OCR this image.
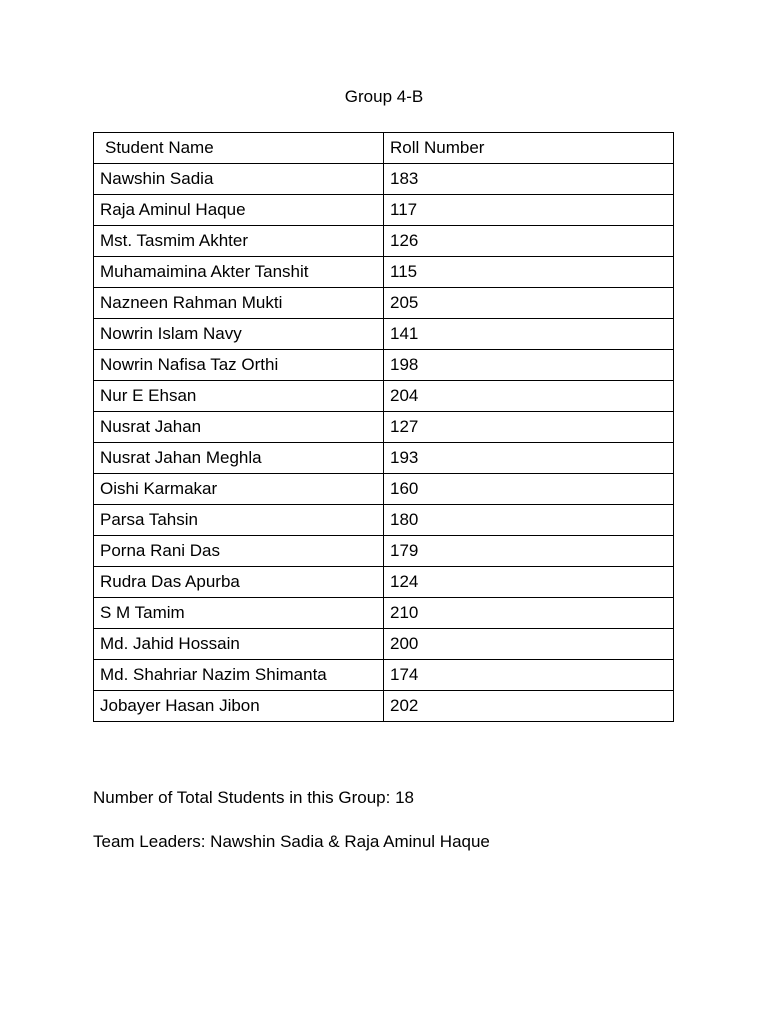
Group 4-B
Student Name	Roll Number
Nawshin Sadia	183
Raja Aminul Haque	117
Mst. Tasmim Akhter	126
Muhamaimina Akter Tanshit	115
Nazneen Rahman Mukti	205
Nowrin Islam Navy	141
Nowrin Nafisa Taz Orthi	198
Nur E Ehsan	204
Nusrat Jahan	127
Nusrat Jahan Meghla	193
Oishi Karmakar	160
Parsa Tahsin	180
Porna Rani Das	179
Rudra Das Apurba	124
S M Tamim	210
Md. Jahid Hossain	200
Md. Shahriar Nazim Shimanta	174
Jobayer Hasan Jibon	202
Number of Total Students in this Group: 18
Team Leaders: Nawshin Sadia & Raja Aminul Haque
